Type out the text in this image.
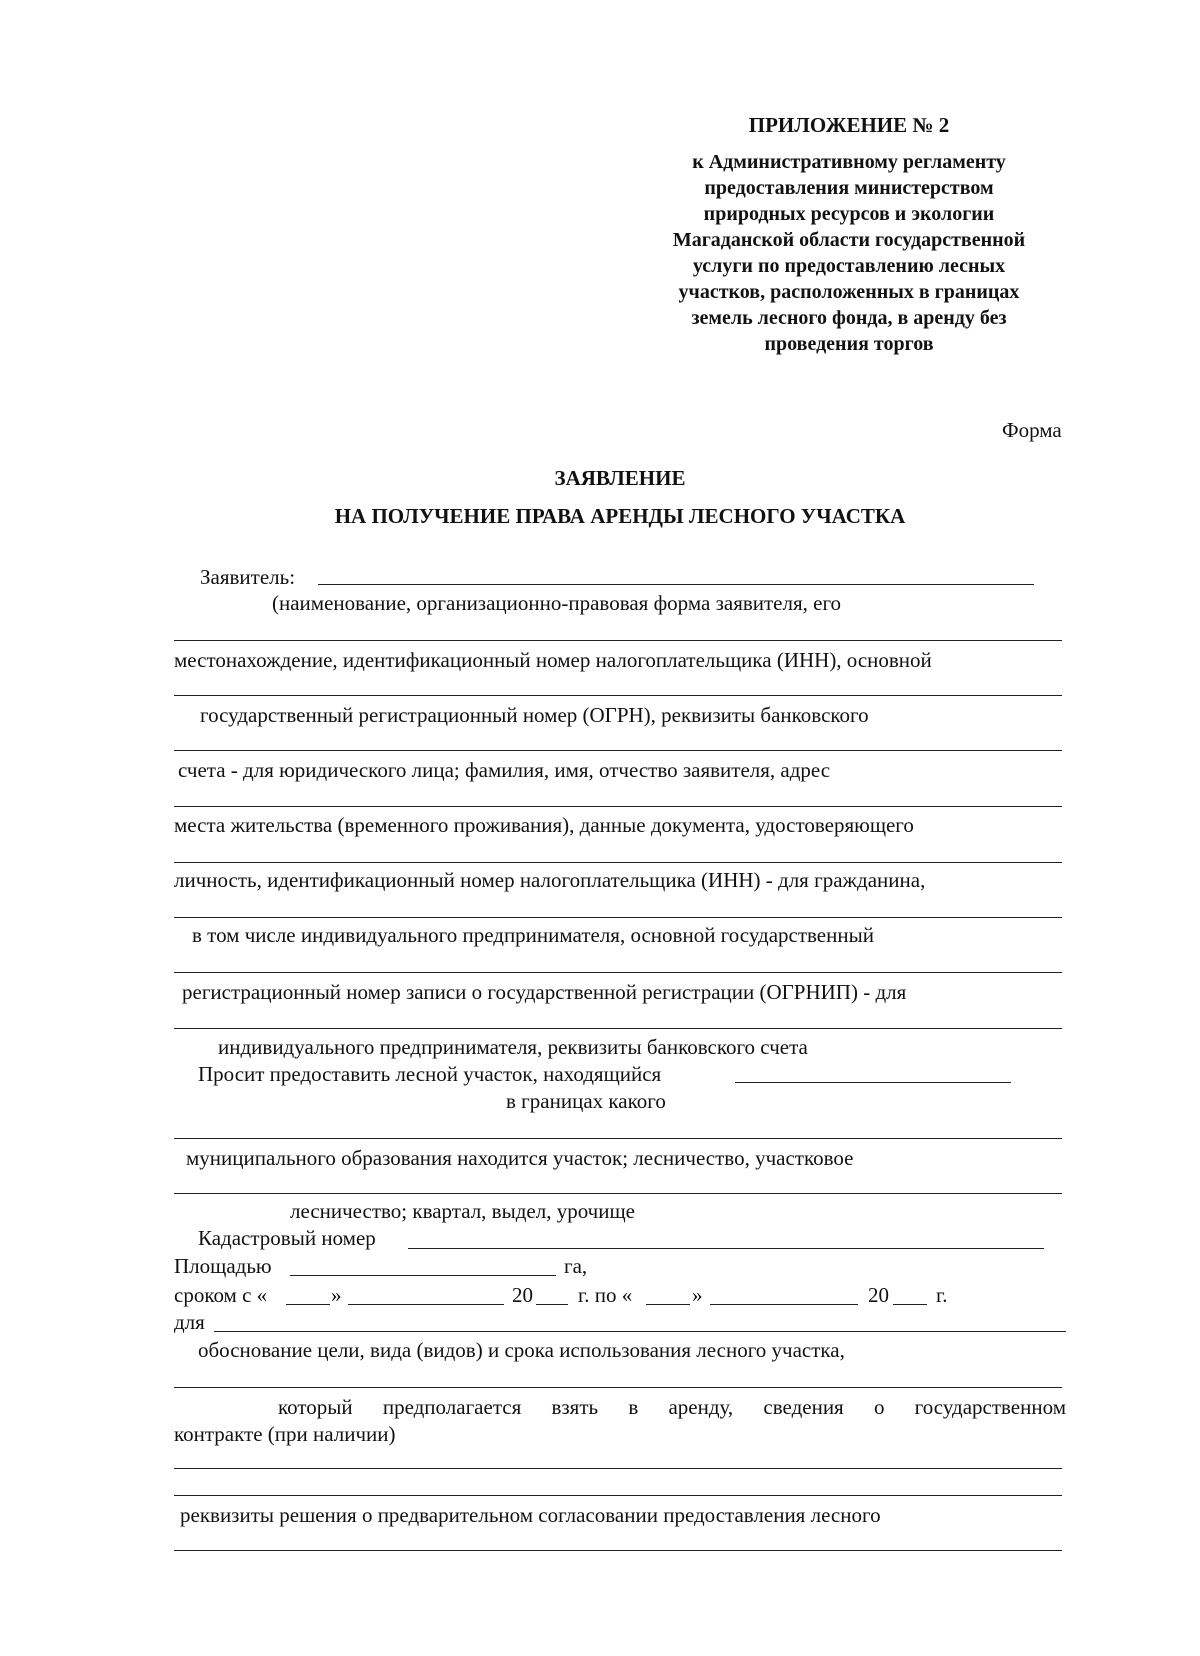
ПРИЛОЖЕНИЕ № 2
к Административному регламенту
предоставления министерством
природных ресурсов и экологии
Магаданской области государственной
услуги по предоставлению лесных
участков, расположенных в границах
земель лесного фонда, в аренду без
проведения торгов
Форма
ЗАЯВЛЕНИЕ
НА ПОЛУЧЕНИЕ ПРАВА АРЕНДЫ ЛЕСНОГО УЧАСТКА
Заявитель:
(наименование, организационно-правовая форма заявителя, его
местонахождение, идентификационный номер налогоплательщика (ИНН), основной
государственный регистрационный номер (ОГРН), реквизиты банковского
счета - для юридического лица; фамилия, имя, отчество заявителя, адрес
места жительства (временного проживания), данные документа, удостоверяющего
личность, идентификационный номер налогоплательщика (ИНН) - для гражданина,
в том числе индивидуального предпринимателя, основной государственный
регистрационный номер записи о государственной регистрации (ОГРНИП) - для
индивидуального предпринимателя, реквизиты банковского счета
Просит предоставить лесной участок, находящийся
в границах какого
муниципального образования находится участок; лесничество, участковое
лесничество; квартал, выдел, урочище
Кадастровый номер
Площадью	га,
сроком с «	»	20 г. по «	»	20 г.
для
обоснование цели, вида (видов) и срока использования лесного участка,
который предполагается взять в аренду, сведения о государственном
контракте (при наличии)
реквизиты решения о предварительном согласовании предоставления лесного
